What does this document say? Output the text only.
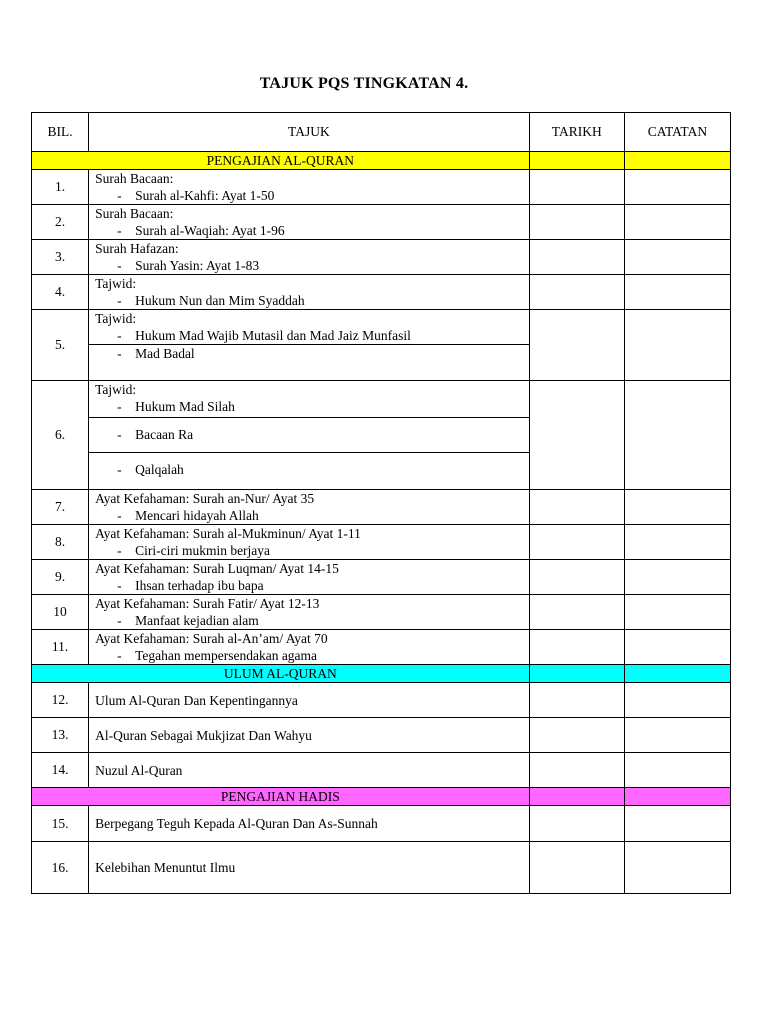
TAJUK PQS TINGKATAN 4.
BIL.	TAJUK	TARIKH	CATATAN
PENGAJIAN AL-QURAN			
1.	Surah Bacaan:
- Surah al-Kahfi: Ayat 1-50		

2.	Surah Bacaan:
- Surah al-Waqiah: Ayat 1-96		

3.	Surah Hafazan:
- Surah Yasin: Ayat 1-83		

4.	Tajwid:
- Hukum Nun dan Mim Syaddah		

5.	Tajwid:
- Hukum Mad Wajib Mutasil dan Mad Jaiz Munfasil
- Mad Badal		

6.	Tajwid:
- Hukum Mad Silah
- Bacaan Ra
- Qalqalah		

7.	Ayat Kefahaman: Surah an-Nur/ Ayat 35
- Mencari hidayah Allah		

8.	Ayat Kefahaman: Surah al-Mukminun/ Ayat 1-11
- Ciri-ciri mukmin berjaya		

9.	Ayat Kefahaman: Surah Luqman/ Ayat 14-15
- Ihsan terhadap ibu bapa		

10	Ayat Kefahaman: Surah Fatir/ Ayat 12-13
- Manfaat kejadian alam		

11.	Ayat Kefahaman: Surah al-An’am/ Ayat 70
- Tegahan mempersendakan agama		

ULUM AL-QURAN			
12.	Ulum Al-Quran Dan Kepentingannya		
13.	Al-Quran Sebagai Mukjizat Dan Wahyu		
14.	Nuzul Al-Quran		
PENGAJIAN HADIS			
15.	Berpegang Teguh Kepada Al-Quran Dan As-Sunnah		
16.	Kelebihan Menuntut Ilmu		
